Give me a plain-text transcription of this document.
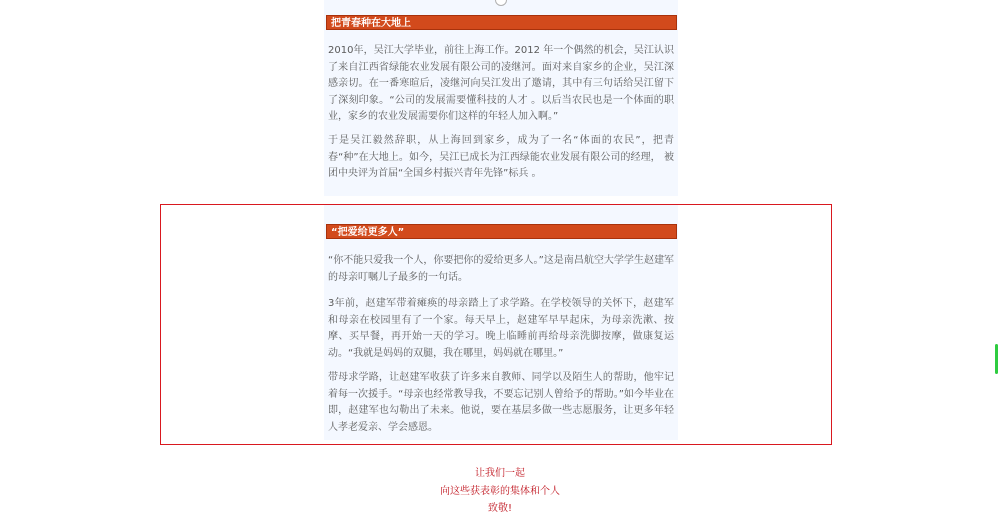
把青春种在大地上

2010年，吴江大学毕业，前往上海工作。2012 年一个偶然的机会，吴江认识了来自江西省绿能农业发展有限公司的凌继河。面对来自家乡的企业，吴江深感亲切。在一番寒暄后，凌继河向吴江发出了邀请，其中有三句话给吴江留下了深刻印象。“公司的发展需要懂科技的人才 。以后当农民也是一个体面的职业，家乡的农业发展需要你们这样的年轻人加入啊。”

于是吴江毅然辞职，从上海回到家乡，成为了一名“体面的农民”，把青春“种”在大地上。如今，吴江已成长为江西绿能农业发展有限公司的经理， 被团中央评为首届“全国乡村振兴青年先锋”标兵 。

“把爱给更多人”

“你不能只爱我一个人，你要把你的爱给更多人。”这是南昌航空大学学生赵建军的母亲叮嘱儿子最多的一句话。

3年前，赵建军带着瘫痪的母亲踏上了求学路。在学校领导的关怀下，赵建军和母亲在校园里有了一个家。每天早上，赵建军早早起床，为母亲洗漱、按摩、买早餐，再开始一天的学习。晚上临睡前再给母亲洗脚按摩，做康复运动。“我就是妈妈的双腿，我在哪里，妈妈就在哪里。”

带母求学路，让赵建军收获了许多来自教师、同学以及陌生人的帮助，他牢记着每一次援手。“母亲也经常教导我，不要忘记别人曾给予的帮助。”如今毕业在即，赵建军也勾勒出了未来。他说，要在基层多做一些志愿服务，让更多年轻人孝老爱亲、学会感恩。

让我们一起
向这些获表彰的集体和个人
致敬!
